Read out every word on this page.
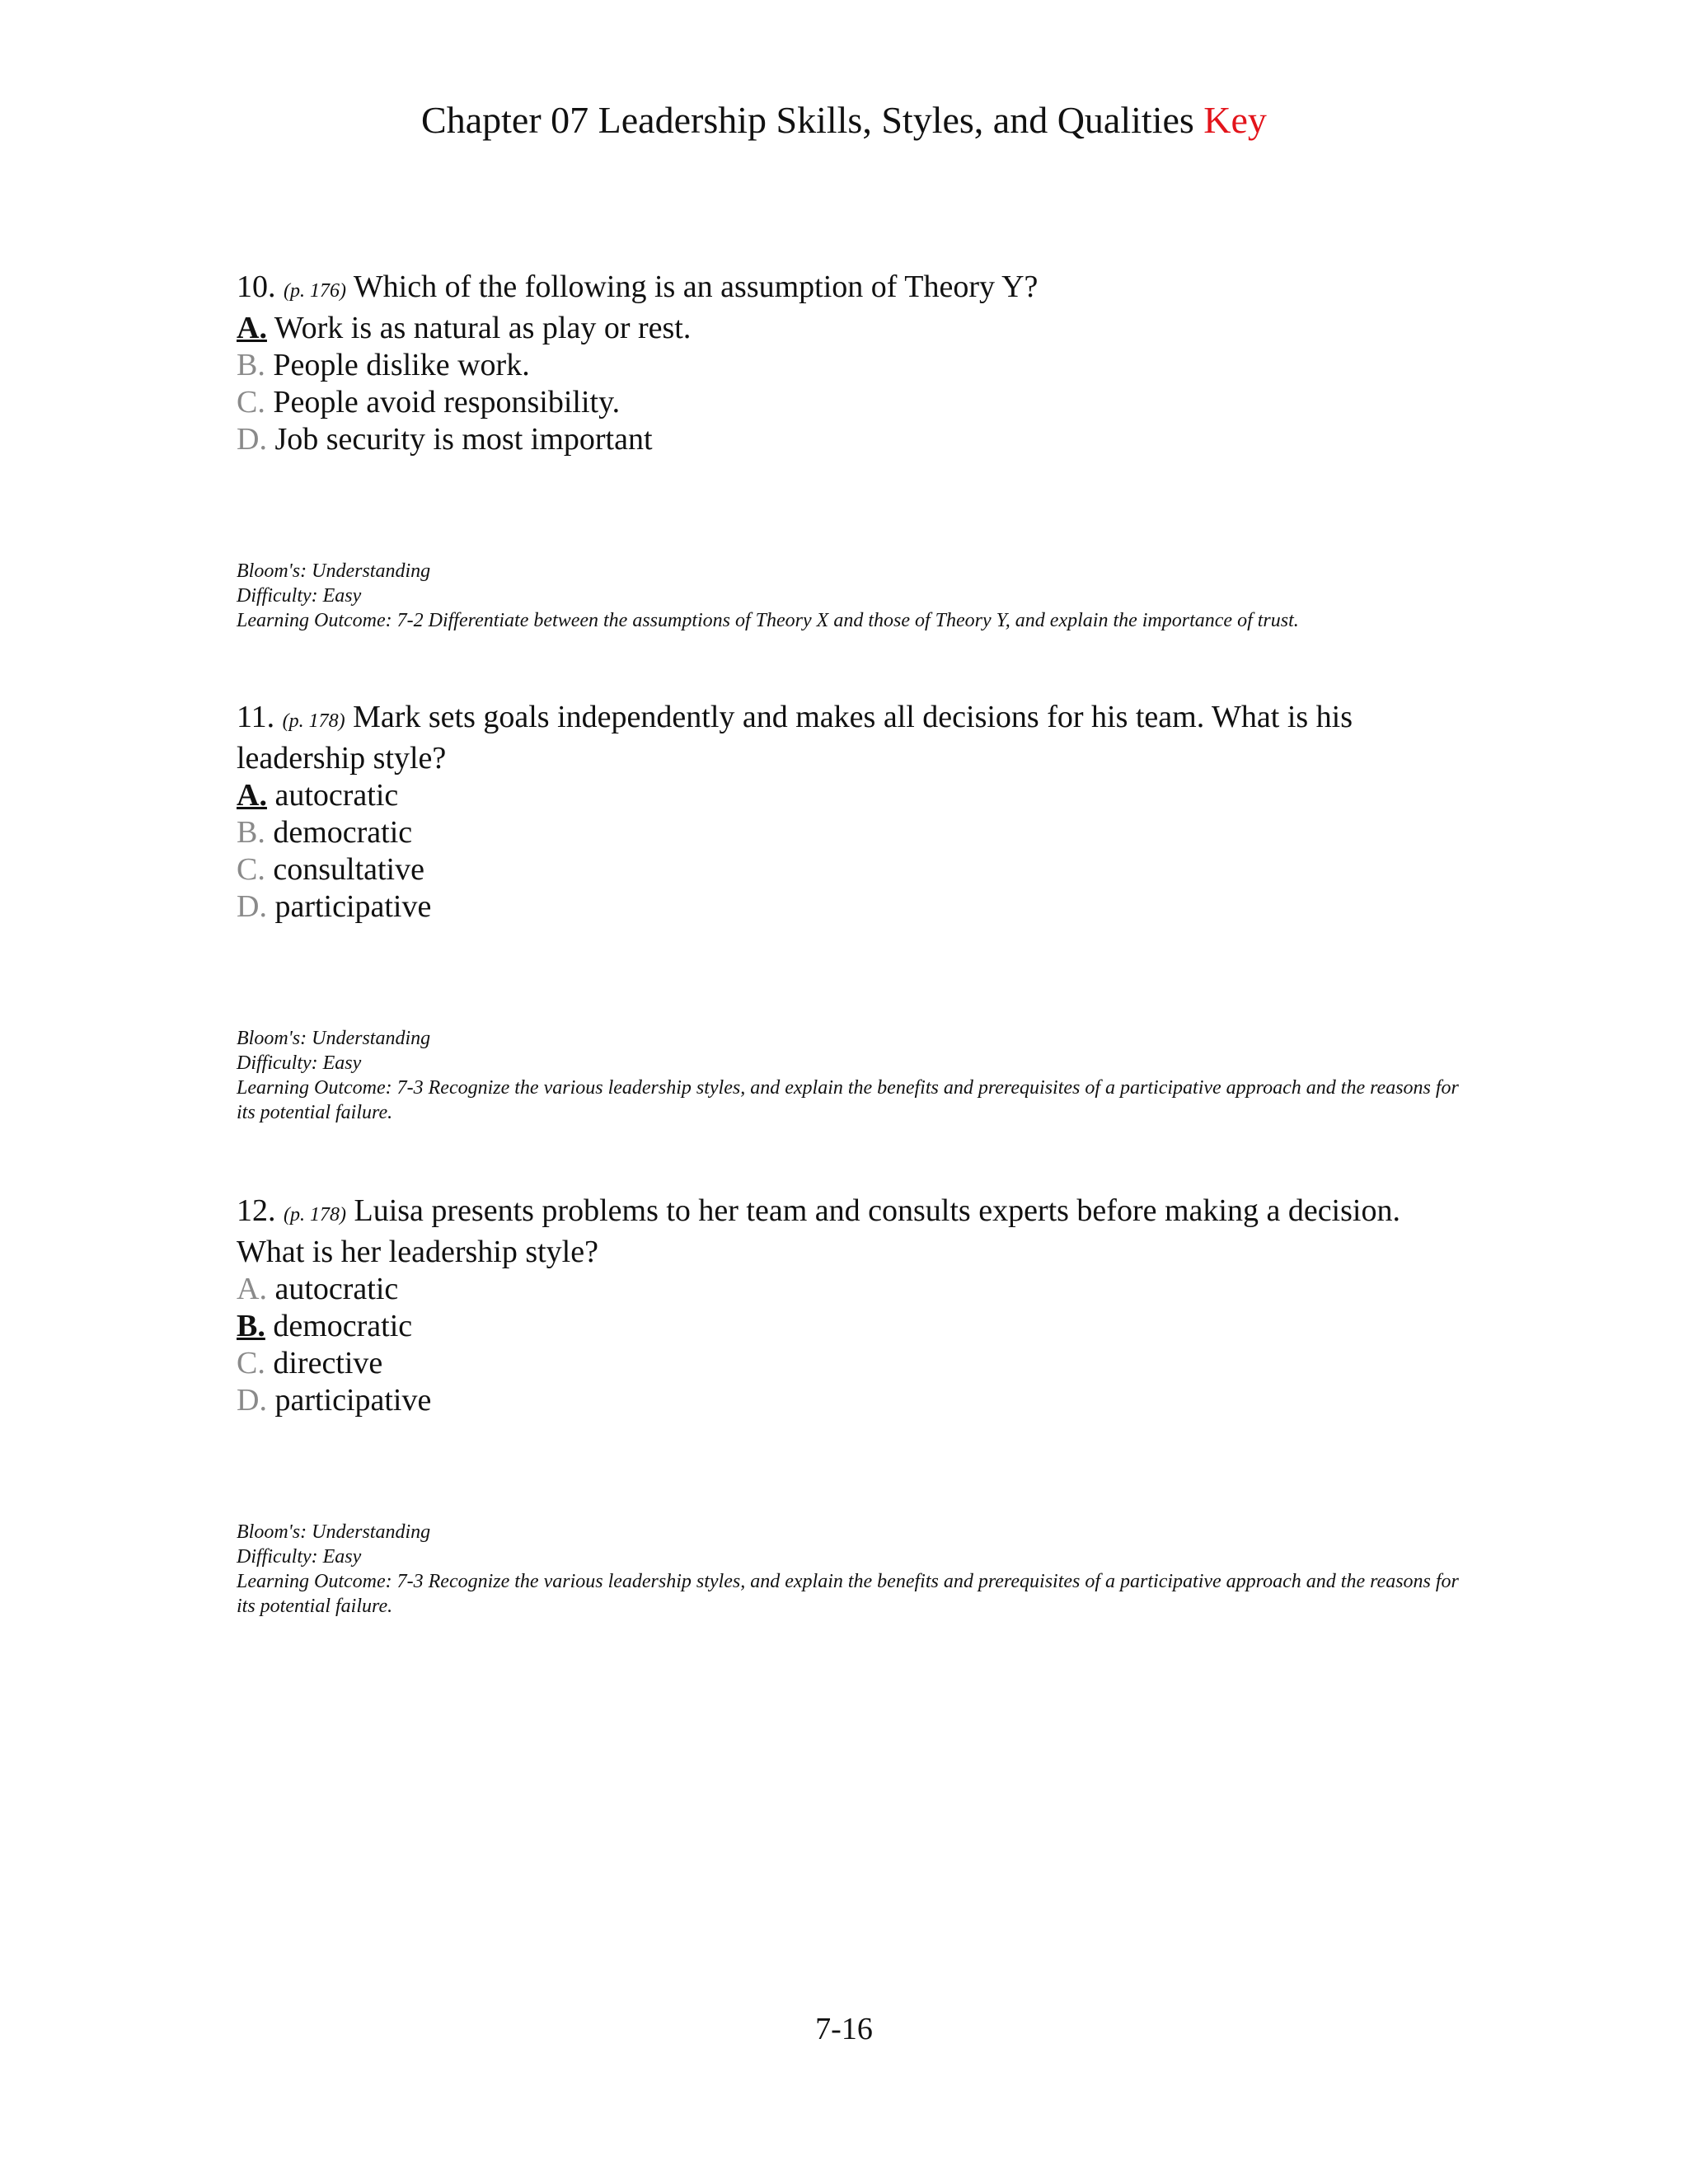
Chapter 07 Leadership Skills, Styles, and Qualities Key

10. (p. 176) Which of the following is an assumption of Theory Y?

A. Work is as natural as play or rest.
B. People dislike work.
C. People avoid responsibility.
D. Job security is most important
Bloom's: Understanding
Difficulty: Easy
Learning Outcome: 7-2 Differentiate between the assumptions of Theory X and those of Theory Y, and explain the importance of trust.

11. (p. 178) Mark sets goals independently and makes all decisions for his team. What is his leadership style?

A. autocratic
B. democratic
C. consultative
D. participative
Bloom's: Understanding
Difficulty: Easy
Learning Outcome: 7-3 Recognize the various leadership styles, and explain the benefits and prerequisites of a participative approach and the reasons for its potential failure.

12. (p. 178) Luisa presents problems to her team and consults experts before making a decision. What is her leadership style?

A. autocratic
B. democratic
C. directive
D. participative
Bloom's: Understanding
Difficulty: Easy
Learning Outcome: 7-3 Recognize the various leadership styles, and explain the benefits and prerequisites of a participative approach and the reasons for its potential failure.
7-16
